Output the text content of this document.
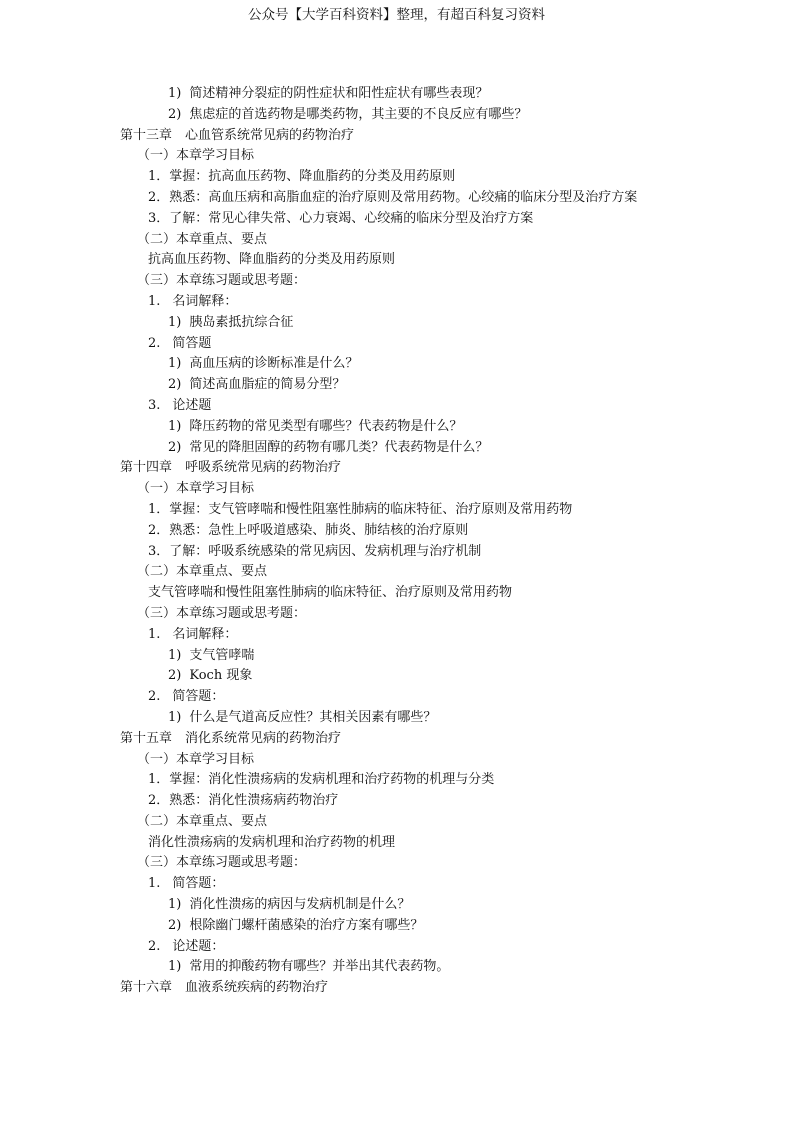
公众号【大学百科资料】整理，有超百科复习资料
1) 简述精神分裂症的阴性症状和阳性症状有哪些表现？
2) 焦虑症的首选药物是哪类药物，其主要的不良反应有哪些？
第十三章　心血管系统常见病的药物治疗
（一）本章学习目标
1．掌握：抗高血压药物、降血脂药的分类及用药原则
2．熟悉：高血压病和高脂血症的治疗原则及常用药物。心绞痛的临床分型及治疗方案
3．了解：常见心律失常、心力衰竭、心绞痛的临床分型及治疗方案
（二）本章重点、要点
抗高血压药物、降血脂药的分类及用药原则
（三）本章练习题或思考题：
1. 名词解释：
1) 胰岛素抵抗综合征
2. 简答题
1) 高血压病的诊断标准是什么？
2) 简述高血脂症的简易分型？
3. 论述题
1) 降压药物的常见类型有哪些？代表药物是什么？
2) 常见的降胆固醇的药物有哪几类？代表药物是什么？
第十四章　呼吸系统常见病的药物治疗
（一）本章学习目标
1．掌握：支气管哮喘和慢性阻塞性肺病的临床特征、治疗原则及常用药物
2．熟悉：急性上呼吸道感染、肺炎、肺结核的治疗原则
3．了解：呼吸系统感染的常见病因、发病机理与治疗机制
（二）本章重点、要点
支气管哮喘和慢性阻塞性肺病的临床特征、治疗原则及常用药物
（三）本章练习题或思考题：
1. 名词解释：
1) 支气管哮喘
2) Koch 现象
2. 简答题：
1) 什么是气道高反应性？其相关因素有哪些？
第十五章　消化系统常见病的药物治疗
（一）本章学习目标
1．掌握：消化性溃疡病的发病机理和治疗药物的机理与分类
2．熟悉：消化性溃疡病药物治疗
（二）本章重点、要点
消化性溃疡病的发病机理和治疗药物的机理
（三）本章练习题或思考题：
1. 简答题：
1) 消化性溃疡的病因与发病机制是什么？
2) 根除幽门螺杆菌感染的治疗方案有哪些？
2. 论述题：
1) 常用的抑酸药物有哪些？并举出其代表药物。
第十六章　血液系统疾病的药物治疗
